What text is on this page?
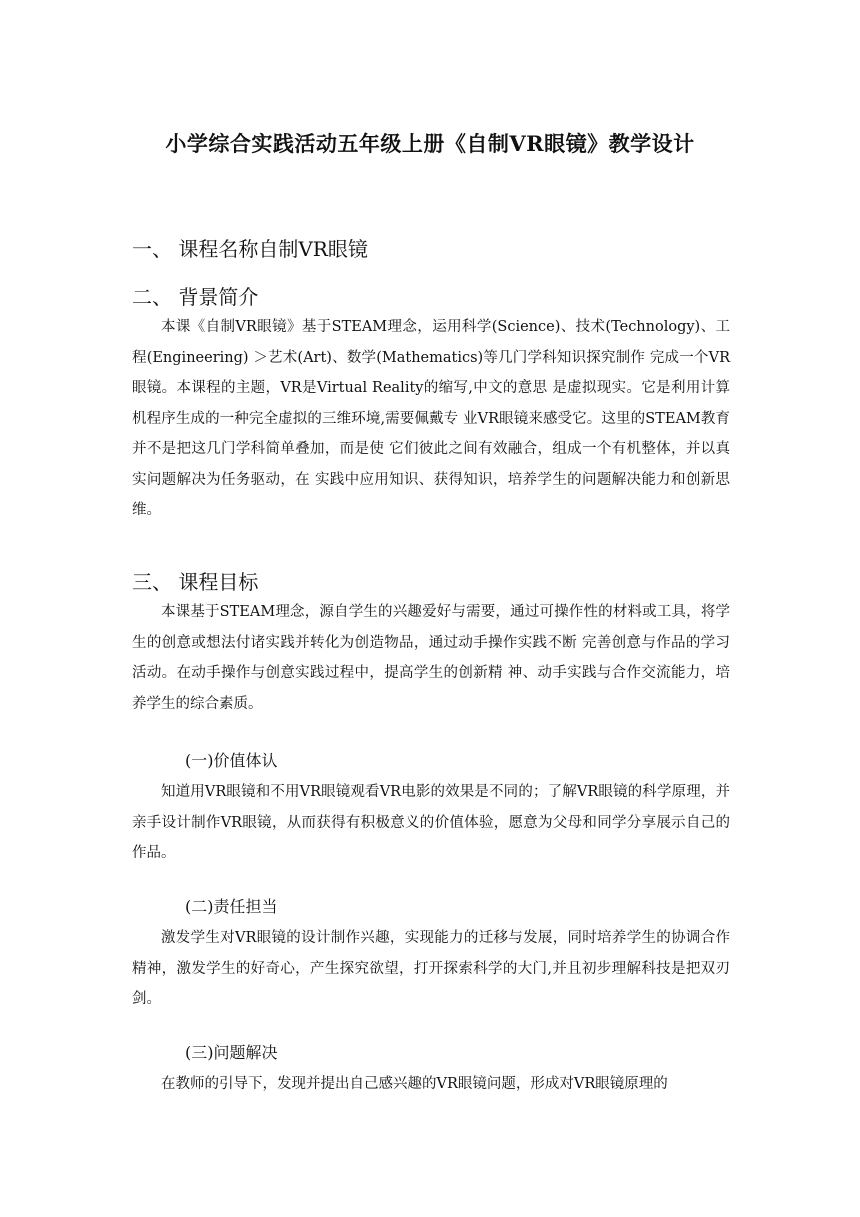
小学综合实践活动五年级上册《自制VR眼镜》教学设计
一、 课程名称自制VR眼镜
二、 背景简介
本课《自制VR眼镜》基于STEAM理念，运用科学(Science)、技术(Technology)、工程(Engineering) ＞艺术(Art)、数学(Mathematics)等几门学科知识探究制作 完成一个VR眼镜。本课程的主题，VR是Virtual Reality的缩写,中文的意思 是虚拟现实。它是利用计算机程序生成的一种完全虚拟的三维环境,需要佩戴专 业VR眼镜来感受它。这里的STEAM教育并不是把这几门学科简单叠加，而是使 它们彼此之间有效融合，组成一个有机整体，并以真实问题解决为任务驱动，在 实践中应用知识、获得知识，培养学生的问题解决能力和创新思维。
三、 课程目标
本课基于STEAM理念，源自学生的兴趣爱好与需要，通过可操作性的材料或工具，将学生的创意或想法付诸实践并转化为创造物品，通过动手操作实践不断 完善创意与作品的学习活动。在动手操作与创意实践过程中，提高学生的创新精 神、动手实践与合作交流能力，培养学生的综合素质。
(一)价值体认
知道用VR眼镜和不用VR眼镜观看VR电影的效果是不同的；了解VR眼镜的科学原理，并亲手设计制作VR眼镜，从而获得有积极意义的价值体验，愿意为父母和同学分享展示自己的作品。
(二)责任担当
激发学生对VR眼镜的设计制作兴趣，实现能力的迁移与发展，同时培养学生的协调合作精神，激发学生的好奇心，产生探究欲望，打开探索科学的大门,并且初步理解科技是把双刃剑。
(三)问题解决
在教师的引导下，发现并提出自己感兴趣的VR眼镜问题，形成对VR眼镜原理的
